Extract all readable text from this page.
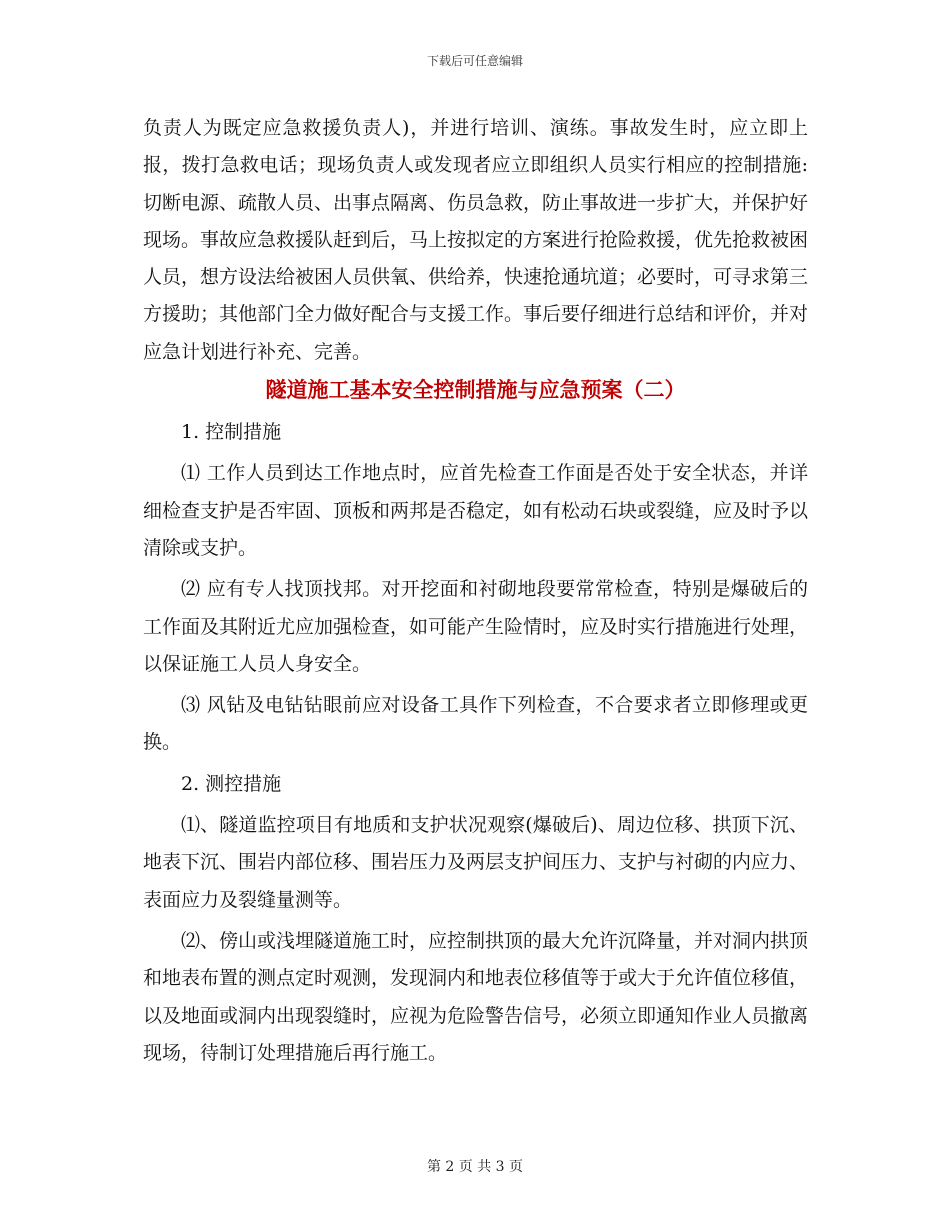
下载后可任意编辑

负责人为既定应急救援负责人)，并进行培训、演练。事故发生时，应立即上报，拨打急救电话；现场负责人或发现者应立即组织人员实行相应的控制措施:切断电源、疏散人员、出事点隔离、伤员急救，防止事故进一步扩大，并保护好现场。事故应急救援队赶到后，马上按拟定的方案进行抢险救援，优先抢救被困人员，想方设法给被困人员供氧、供给养，快速抢通坑道；必要时，可寻求第三方援助；其他部门全力做好配合与支援工作。事后要仔细进行总结和评价，并对应急计划进行补充、完善。

隧道施工基本安全控制措施与应急预案（二）

1. 控制措施

⑴ 工作人员到达工作地点时，应首先检查工作面是否处于安全状态，并详细检查支护是否牢固、顶板和两邦是否稳定，如有松动石块或裂缝，应及时予以清除或支护。

⑵ 应有专人找顶找邦。对开挖面和衬砌地段要常常检查，特别是爆破后的工作面及其附近尤应加强检查，如可能产生险情时，应及时实行措施进行处理，以保证施工人员人身安全。

⑶ 风钻及电钻钻眼前应对设备工具作下列检查，不合要求者立即修理或更换。

2. 测控措施

⑴、隧道监控项目有地质和支护状况观察(爆破后)、周边位移、拱顶下沉、地表下沉、围岩内部位移、围岩压力及两层支护间压力、支护与衬砌的内应力、表面应力及裂缝量测等。

⑵、傍山或浅埋隧道施工时，应控制拱顶的最大允许沉降量，并对洞内拱顶和地表布置的测点定时观测，发现洞内和地表位移值等于或大于允许值位移值，以及地面或洞内出现裂缝时，应视为危险警告信号，必须立即通知作业人员撤离现场，待制订处理措施后再行施工。

第 2 页 共 3 页
